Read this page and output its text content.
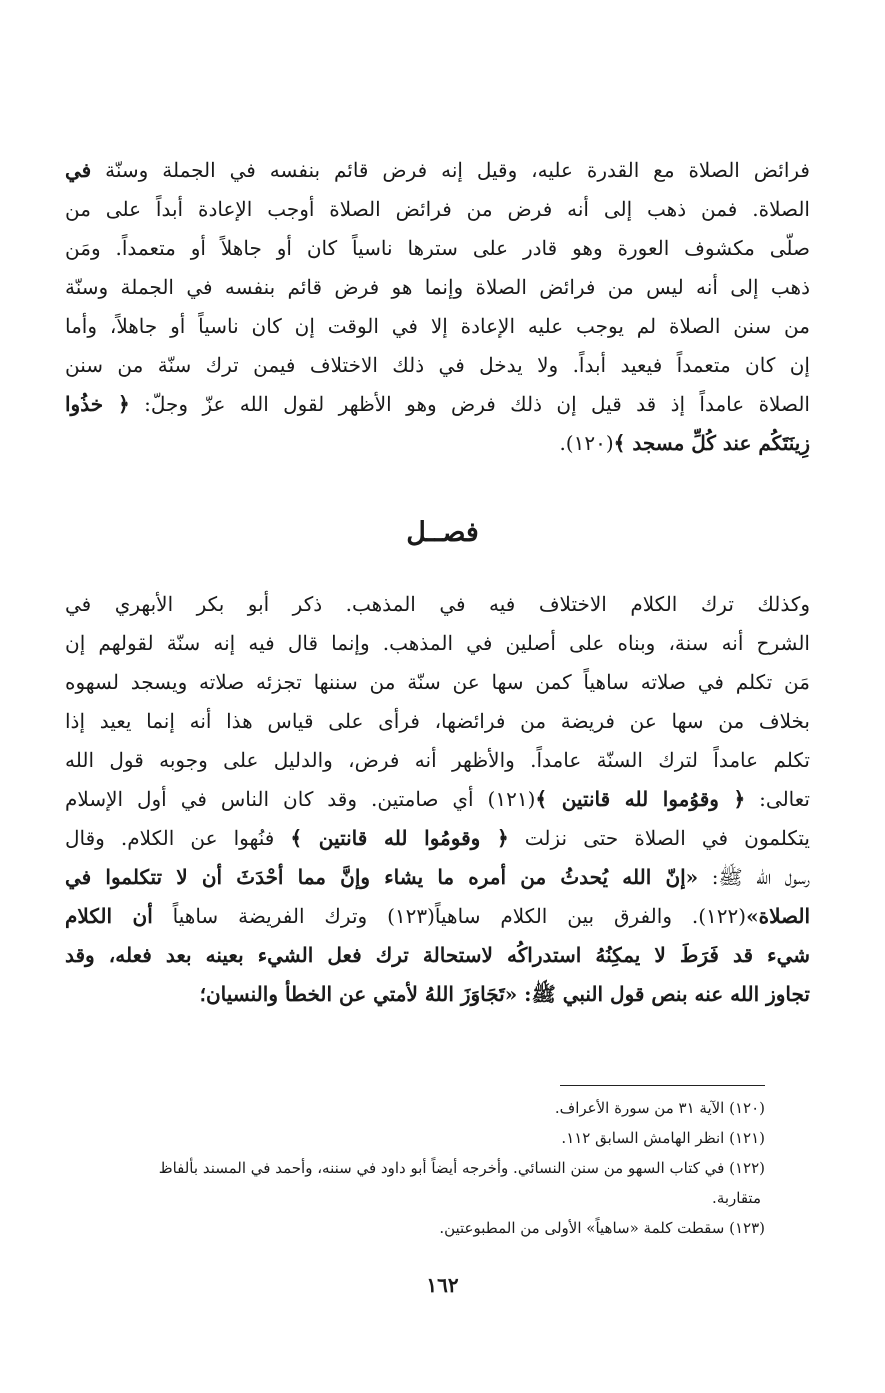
فرائض الصلاة مع القدرة عليه، وقيل إنه فرض قائم بنفسه في الجملة وسنّة في
الصلاة. فمن ذهب إلى أنه فرض من فرائض الصلاة أوجب الإعادة أبداً على من
صلّى مكشوف العورة وهو قادر على سترها ناسياً كان أو جاهلاً أو متعمداً. ومَن
ذهب إلى أنه ليس من فرائض الصلاة وإنما هو فرض قائم بنفسه في الجملة وسنّة
من سنن الصلاة لم يوجب عليه الإعادة إلا في الوقت إن كان ناسياً أو جاهلاً، وأما
إن كان متعمداً فيعيد أبداً. ولا يدخل في ذلك الاختلاف فيمن ترك سنّة من سنن
الصلاة عامداً إذ قد قيل إن ذلك فرض وهو الأظهر لقول الله عزّ وجلّ: ﴿ خذُوا
زِينَتَكُم عند كُلِّ مسجد ﴾(١٢٠).
فصــل
وكذلك ترك الكلام الاختلاف فيه في المذهب. ذكر أبو بكر الأبهري في
الشرح أنه سنة، وبناه على أصلين في المذهب. وإنما قال فيه إنه سنّة لقولهم إن
مَن تكلم في صلاته ساهياً كمن سها عن سنّة من سننها تجزئه صلاته ويسجد لسهوه
بخلاف من سها عن فريضة من فرائضها، فرأى على قياس هذا أنه إنما يعيد إذا
تكلم عامداً لترك السنّة عامداً. والأظهر أنه فرض، والدليل على وجوبه قول الله
تعالى: ﴿ وقوُموا لله قانتين ﴾(١٢١) أي صامتين. وقد كان الناس في أول الإسلام
يتكلمون في الصلاة حتى نزلت ﴿ وقومُوا لله قانتين ﴾ فنُهوا عن الكلام. وقال
رسول الله ﷺ: «إنّ الله يُحدثُ من أمره ما يشاء وإنَّ مما أحْدَثَ أن لا تتكلموا في
الصلاة»(١٢٢). والفرق بين الكلام ساهياً(١٢٣) وترك الفريضة ساهياً أن الكلام
شيء قد فَرَطَ لا يمكِنُهُ استدراكُه لاستحالة ترك فعل الشيء بعينه بعد فعله، وقد
تجاوز الله عنه بنص قول النبي ﷺ: «تَجَاوَزَ اللهُ لأمتي عن الخطأ والنسيان؛
(١٢٠) الآية ٣١ من سورة الأعراف.
(١٢١) انظر الهامش السابق ١١٢.
(١٢٢) في كتاب السهو من سنن النسائي. وأخرجه أيضاً أبو داود في سننه، وأحمد في المسند بألفاظ
متقاربة.
(١٢٣) سقطت كلمة «ساهياً» الأولى من المطبوعتين.
١٦٢
